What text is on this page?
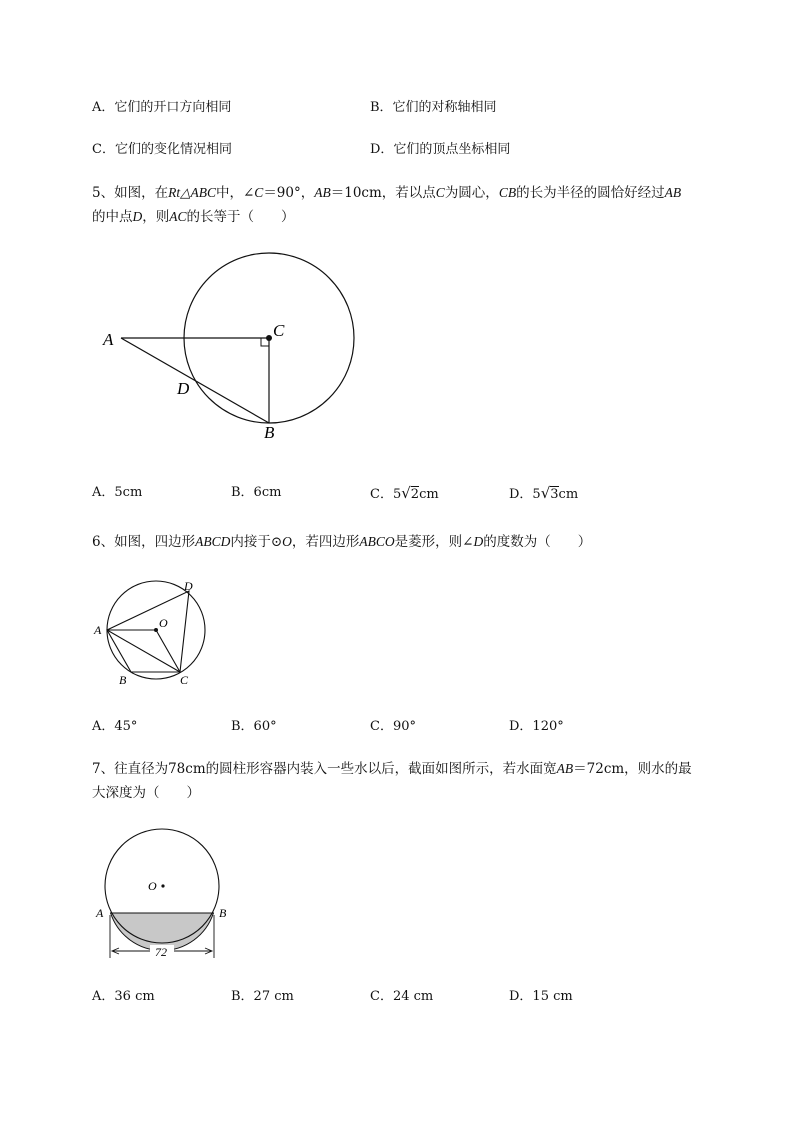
A．它们的开口方向相同	B．它们的对称轴相同
C．它们的变化情况相同	D．它们的顶点坐标相同
5、如图，在Rt△ABC中，∠C＝90°，AB＝10cm，若以点C为圆心，CB的长为半径的圆恰好经过AB
的中点D，则AC的长等于（　　）
A	C
D
B
A．5cm	B．6cm	C．5√2cm	D．5√3cm
6、如图，四边形ABCD内接于⊙O，若四边形ABCO是菱形，则∠D的度数为（　　）
A	O
D
B	C
A．45°	B．60°	C．90°	D．120°
7、往直径为78cm的圆柱形容器内装入一些水以后，截面如图所示，若水面宽AB＝72cm，则水的最
大深度为（　　）
O
A	B
72
A．36 cm	B．27 cm	C．24 cm	D．15 cm
